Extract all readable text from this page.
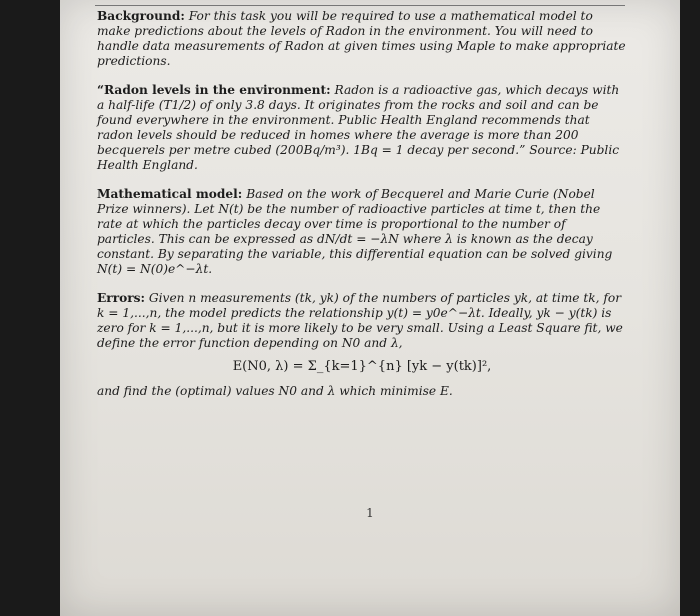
Background: For this task you will be required to use a mathematical model to make predictions about the levels of Radon in the environment. You will need to handle data measurements of Radon at given times using Maple to make appropriate predictions.

“Radon levels in the environment: Radon is a radioactive gas, which decays with a half-life (T1/2) of only 3.8 days. It originates from the rocks and soil and can be found everywhere in the environment. Public Health England recommends that radon levels should be reduced in homes where the average is more than 200 becquerels per metre cubed (200Bq/m³). 1Bq = 1 decay per second.” Source: Public Health England.

Mathematical model: Based on the work of Becquerel and Marie Curie (Nobel Prize winners). Let N(t) be the number of radioactive particles at time t, then the rate at which the particles decay over time is proportional to the number of particles. This can be expressed as dN/dt = −λN where λ is known as the decay constant. By separating the variable, this differential equation can be solved giving N(t) = N(0)e^−λt.

Errors: Given n measurements (tk, yk) of the numbers of particles yk, at time tk, for k = 1,...,n, the model predicts the relationship y(t) = y0e^−λt. Ideally, yk − y(tk) is zero for k = 1,...,n, but it is more likely to be very small. Using a Least Square fit, we define the error function depending on N0 and λ,

E(N0, λ) = Σ_{k=1}^{n} [yk − y(tk)]²,

and find the (optimal) values N0 and λ which minimise E.

1
